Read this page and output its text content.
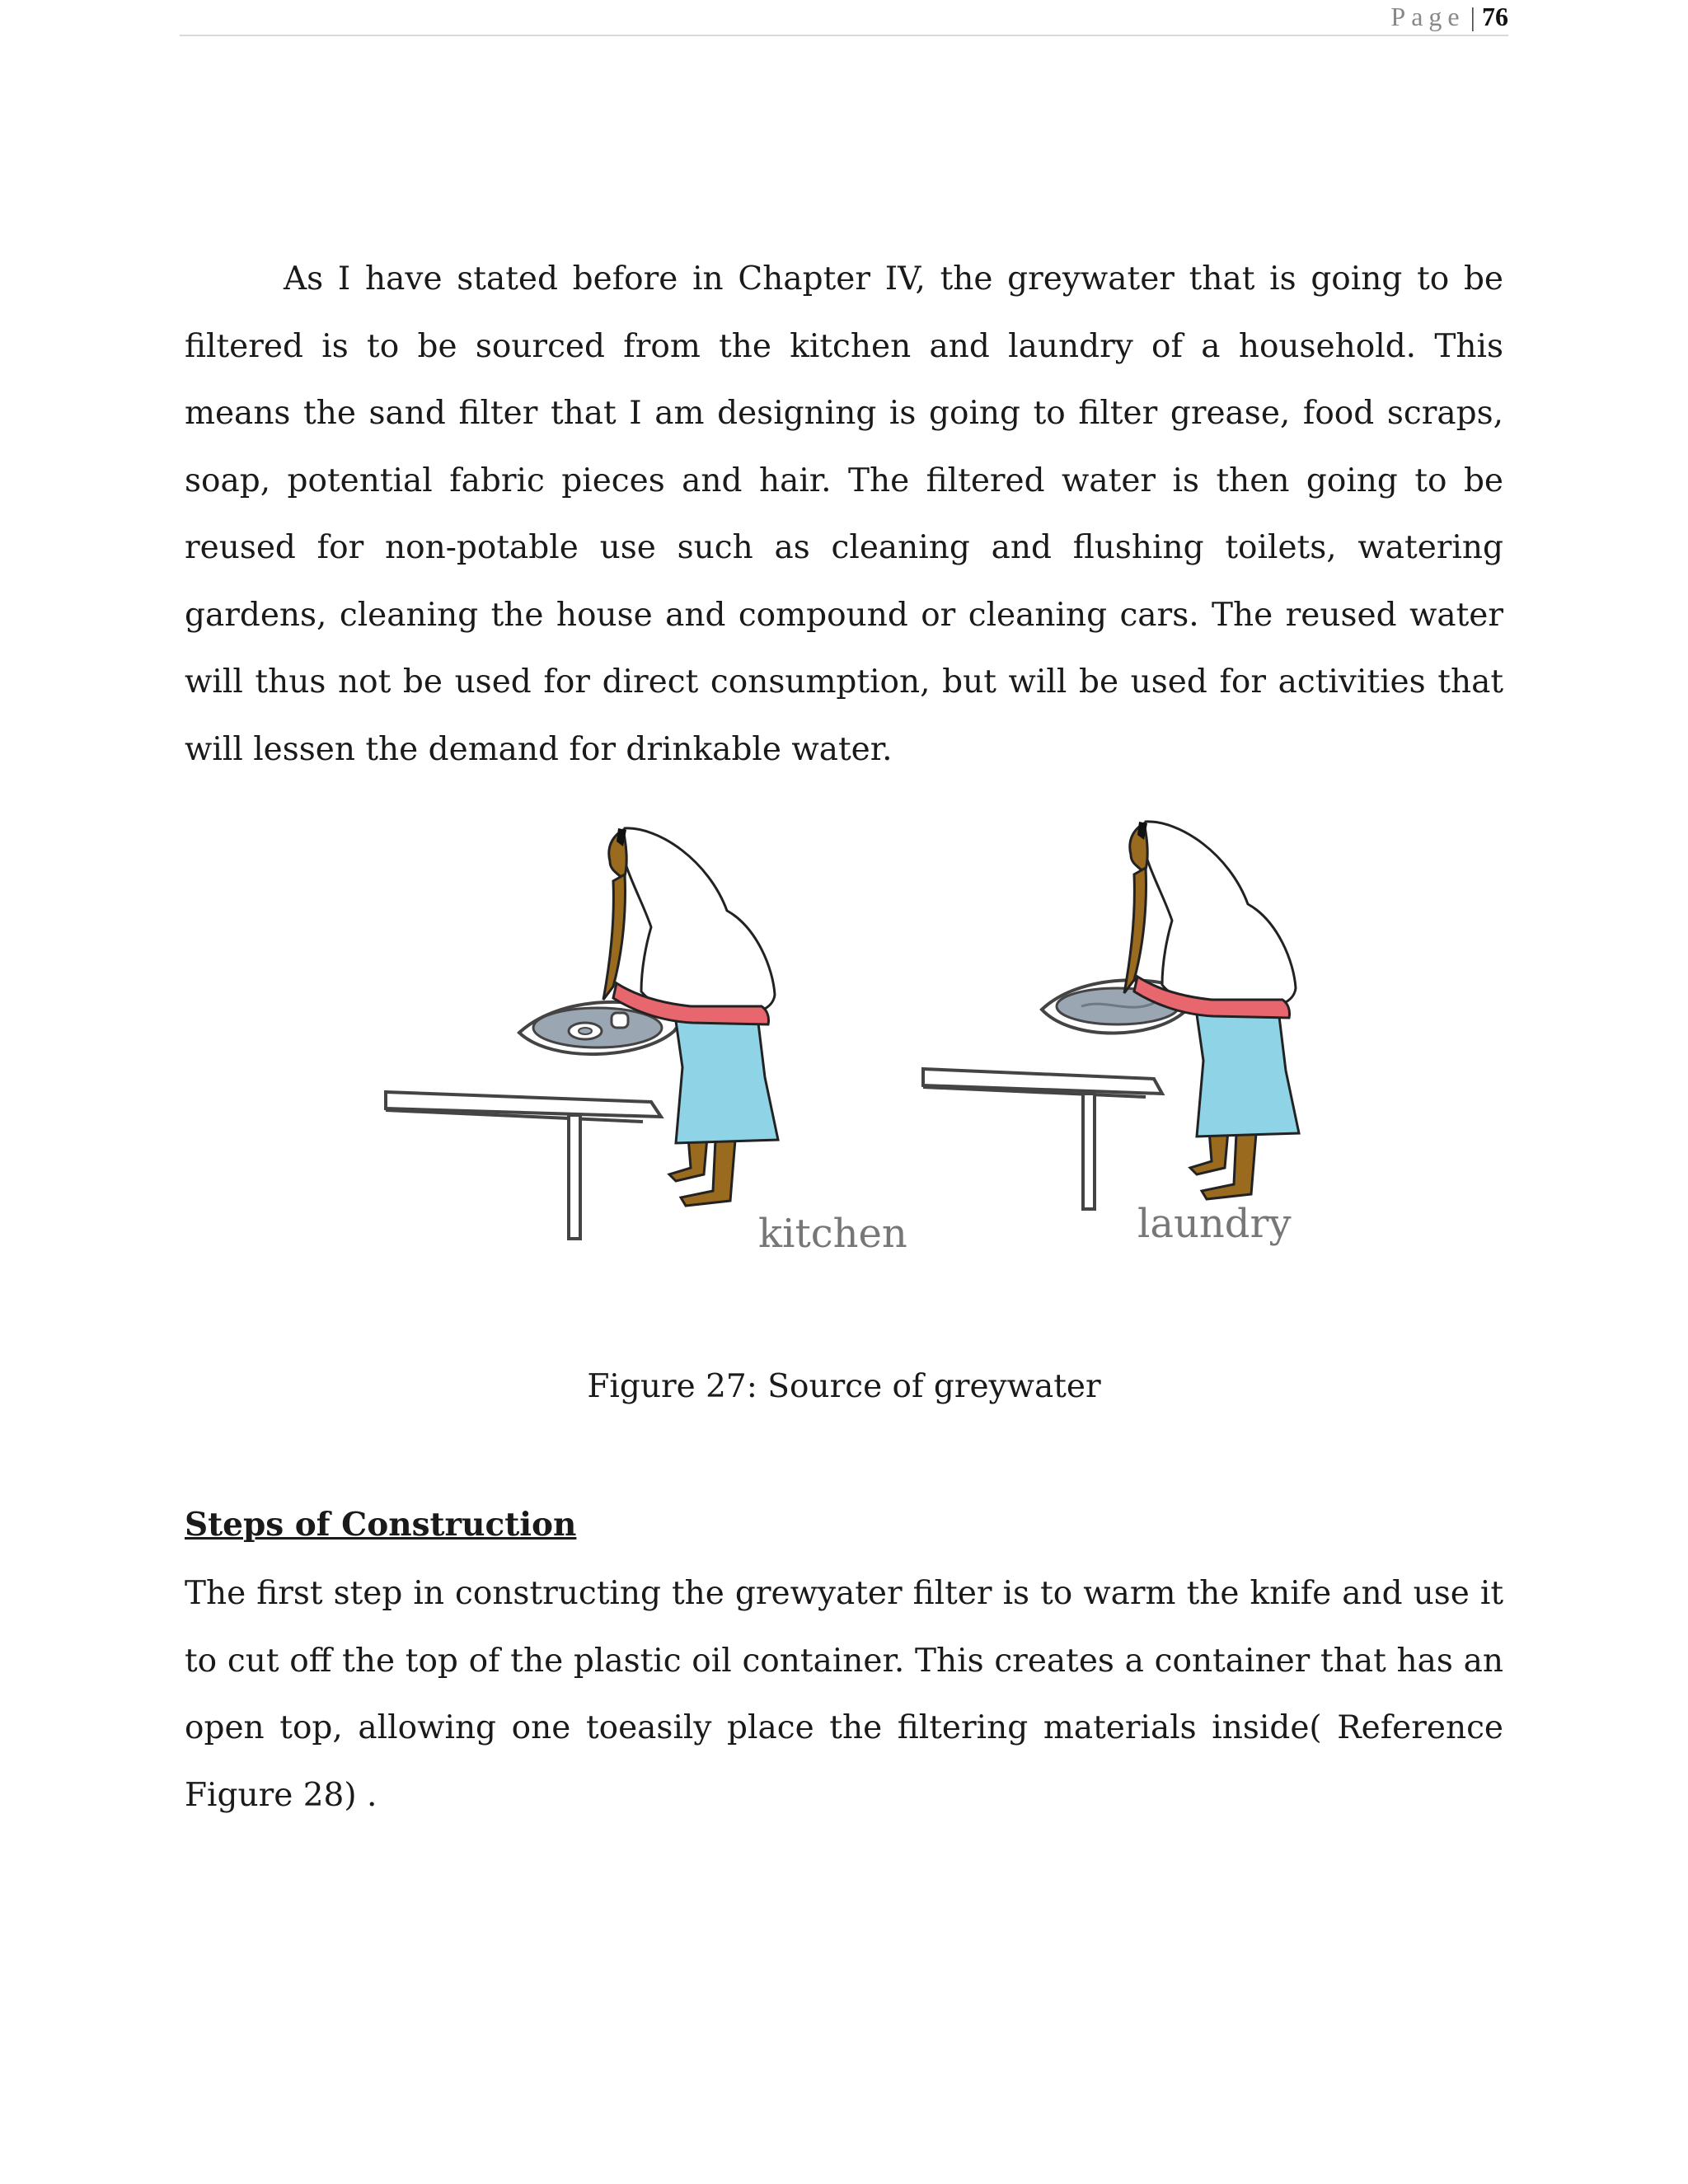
Page | 76

As I have stated before in Chapter IV, the greywater that is going to be filtered is to be sourced from the kitchen and laundry of a household. This means the sand filter that I am designing is going to filter grease, food scraps, soap, potential fabric pieces and hair. The filtered water is then going to be reused for non-potable use such as cleaning and flushing toilets, watering gardens, cleaning the house and compound or cleaning cars. The reused water will thus not be used for direct consumption, but will be used for activities that will lessen the demand for drinkable water.

kitchen	laundry
Figure 27: Source of greywater

Steps of Construction

The first step in constructing the grewyater filter is to warm the knife and use it to cut off the top of the plastic oil container. This creates a container that has an open top, allowing one toeasily place the filtering materials inside( Reference Figure 28) .
